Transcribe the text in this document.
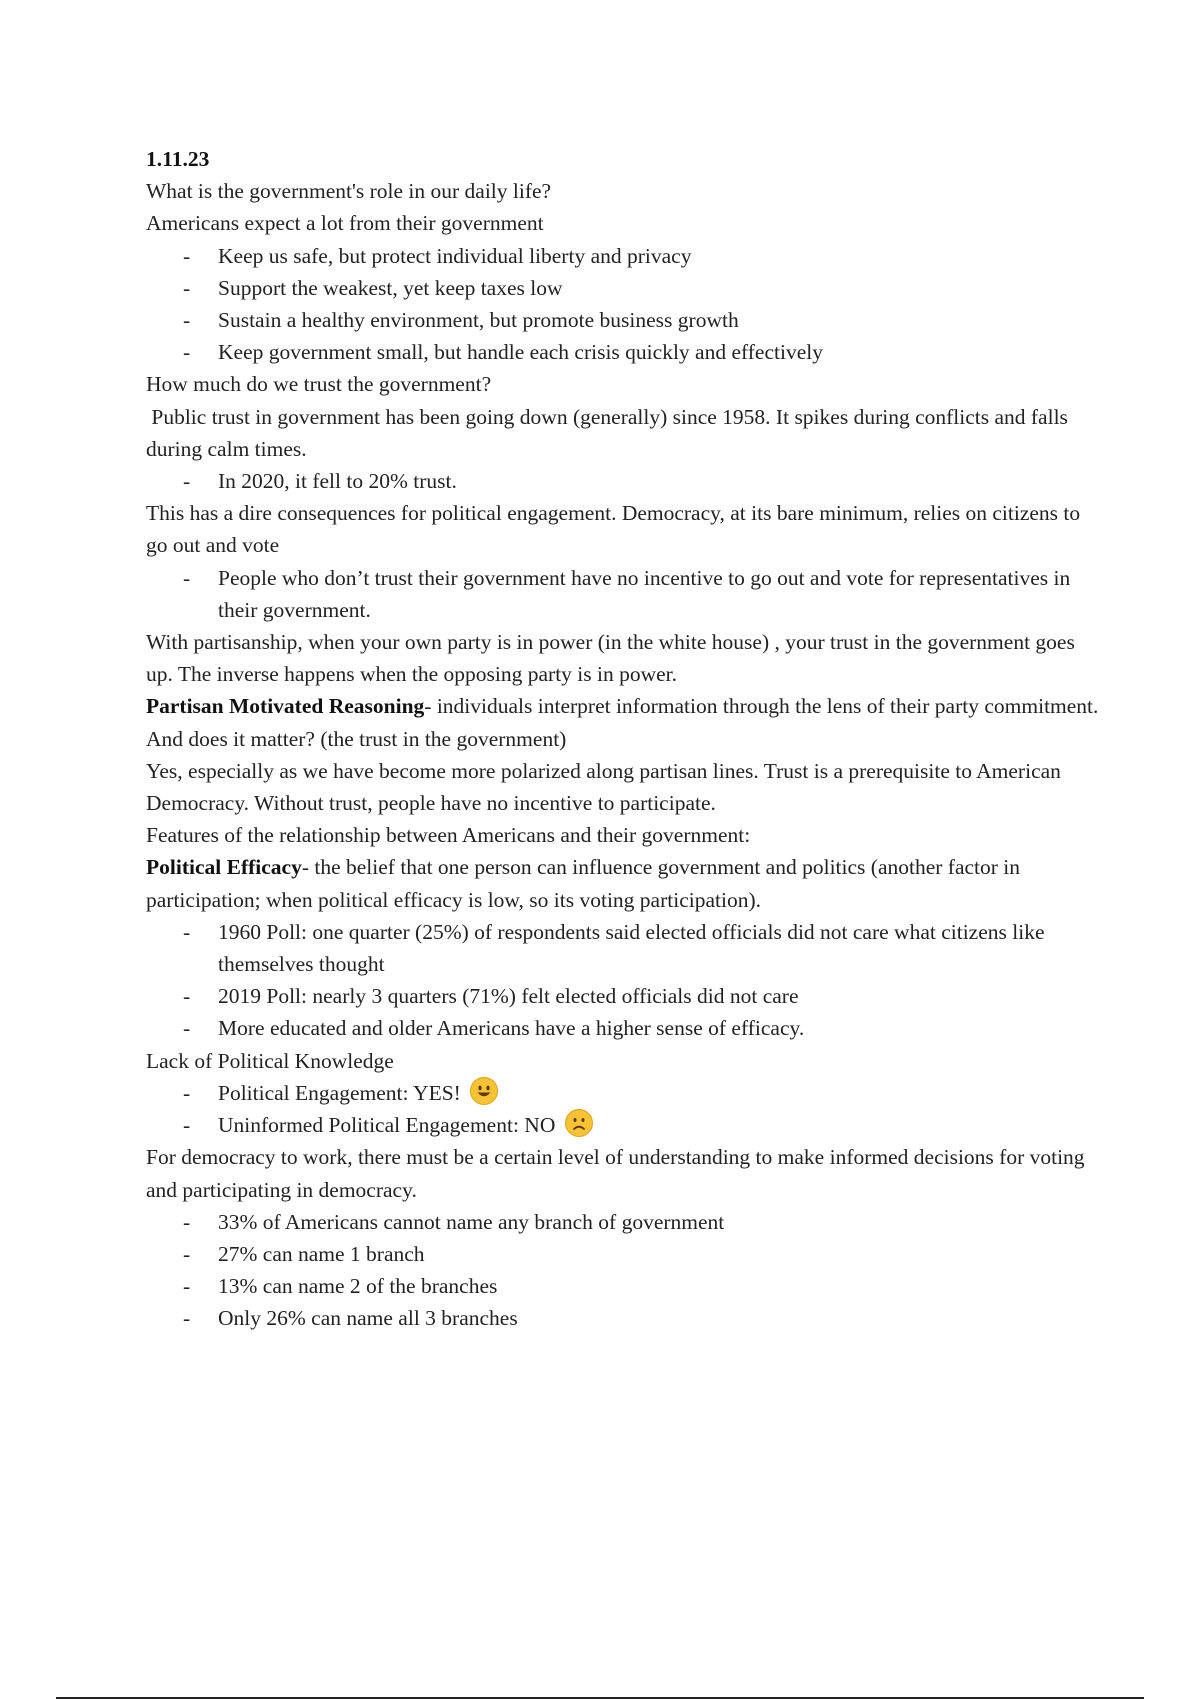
1.11.23
What is the government's role in our daily life?
Americans expect a lot from their government
- Keep us safe, but protect individual liberty and privacy
- Support the weakest, yet keep taxes low
- Sustain a healthy environment, but promote business growth
- Keep government small, but handle each crisis quickly and effectively
How much do we trust the government?
Public trust in government has been going down (generally) since 1958. It spikes during conflicts and falls during calm times.
- In 2020, it fell to 20% trust.
This has a dire consequences for political engagement. Democracy, at its bare minimum, relies on citizens to go out and vote
- People who don’t trust their government have no incentive to go out and vote for representatives in their government.
With partisanship, when your own party is in power (in the white house) , your trust in the government goes up. The inverse happens when the opposing party is in power.
Partisan Motivated Reasoning- individuals interpret information through the lens of their party commitment.
And does it matter? (the trust in the government)
Yes, especially as we have become more polarized along partisan lines. Trust is a prerequisite to American Democracy. Without trust, people have no incentive to participate.
Features of the relationship between Americans and their government:
Political Efficacy- the belief that one person can influence government and politics (another factor in participation; when political efficacy is low, so its voting participation).
- 1960 Poll: one quarter (25%) of respondents said elected officials did not care what citizens like themselves thought
- 2019 Poll: nearly 3 quarters (71%) felt elected officials did not care
- More educated and older Americans have a higher sense of efficacy.
Lack of Political Knowledge
- Political Engagement: YES!
- Uninformed Political Engagement: NO
For democracy to work, there must be a certain level of understanding to make informed decisions for voting and participating in democracy.
- 33% of Americans cannot name any branch of government
- 27% can name 1 branch
- 13% can name 2 of the branches
- Only 26% can name all 3 branches
